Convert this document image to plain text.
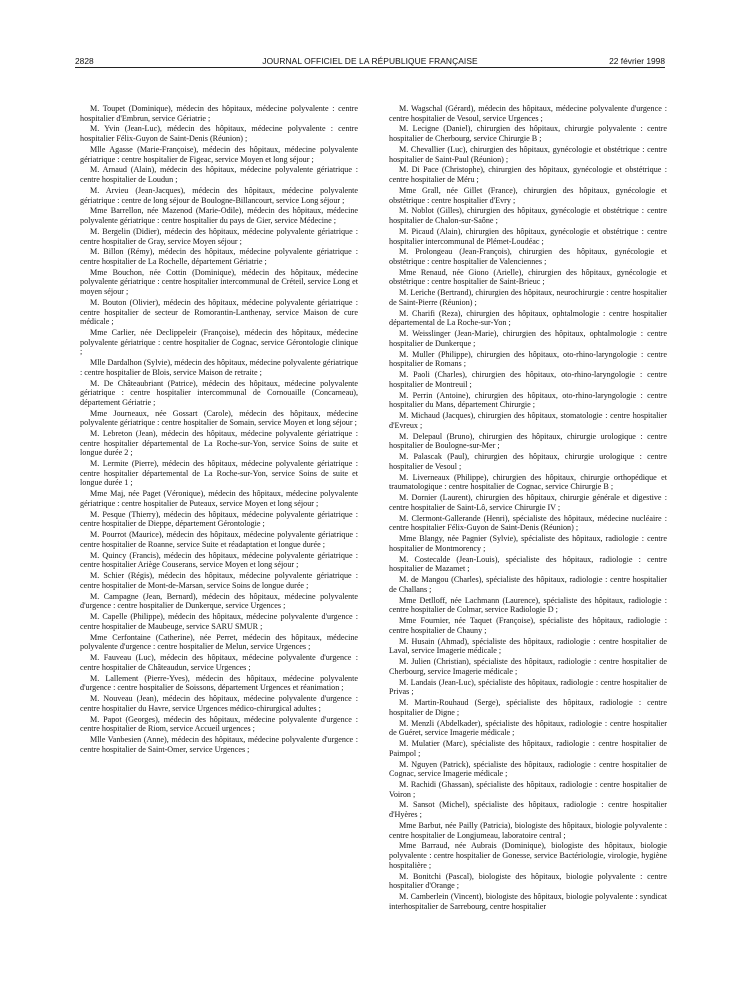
2828	JOURNAL OFFICIEL DE LA RÉPUBLIQUE FRANÇAISE	22 février 1998

M. Toupet (Dominique), médecin des hôpitaux, médecine polyvalente : centre hospitalier d'Embrun, service Gériatrie ;

M. Yvin (Jean-Luc), médecin des hôpitaux, médecine polyvalente : centre hospitalier Félix-Guyon de Saint-Denis (Réunion) ;

Mlle Agasse (Marie-Françoise), médecin des hôpitaux, médecine polyvalente gériatrique : centre hospitalier de Figeac, service Moyen et long séjour ;

M. Arnaud (Alain), médecin des hôpitaux, médecine polyvalente gériatrique : centre hospitalier de Loudun ;

M. Arvieu (Jean-Jacques), médecin des hôpitaux, médecine polyvalente gériatrique : centre de long séjour de Boulogne-Billancourt, service Long séjour ;

Mme Barrellon, née Mazenod (Marie-Odile), médecin des hôpitaux, médecine polyvalente gériatrique : centre hospitalier du pays de Gier, service Médecine ;

M. Bergelin (Didier), médecin des hôpitaux, médecine polyvalente gériatrique : centre hospitalier de Gray, service Moyen séjour ;

M. Billon (Rémy), médecin des hôpitaux, médecine polyvalente gériatrique : centre hospitalier de La Rochelle, département Gériatrie ;

Mme Bouchon, née Cottin (Dominique), médecin des hôpitaux, médecine polyvalente gériatrique : centre hospitalier intercommunal de Créteil, service Long et moyen séjour ;

M. Bouton (Olivier), médecin des hôpitaux, médecine polyvalente gériatrique : centre hospitalier de secteur de Romorantin-Lanthenay, service Maison de cure médicale ;

Mme Carlier, née Declippeleir (Françoise), médecin des hôpitaux, médecine polyvalente gériatrique : centre hospitalier de Cognac, service Gérontologie clinique ;

Mlle Dardalhon (Sylvie), médecin des hôpitaux, médecine polyvalente gériatrique : centre hospitalier de Blois, service Maison de retraite ;

M. De Châteaubriant (Patrice), médecin des hôpitaux, médecine polyvalente gériatrique : centre hospitalier intercommunal de Cornouaille (Concarneau), département Gériatrie ;

Mme Journeaux, née Gossart (Carole), médecin des hôpitaux, médecine polyvalente gériatrique : centre hospitalier de Somain, service Moyen et long séjour ;

M. Lebreton (Jean), médecin des hôpitaux, médecine polyvalente gériatrique : centre hospitalier départemental de La Roche-sur-Yon, service Soins de suite et longue durée 2 ;

M. Lermite (Pierre), médecin des hôpitaux, médecine polyvalente gériatrique : centre hospitalier départemental de La Roche-sur-Yon, service Soins de suite et longue durée 1 ;

Mme Maj, née Paget (Véronique), médecin des hôpitaux, médecine polyvalente gériatrique : centre hospitalier de Puteaux, service Moyen et long séjour ;

M. Pesque (Thierry), médecin des hôpitaux, médecine polyvalente gériatrique : centre hospitalier de Dieppe, département Gérontologie ;

M. Pourrot (Maurice), médecin des hôpitaux, médecine polyvalente gériatrique : centre hospitalier de Roanne, service Suite et réadaptation et longue durée ;

M. Quincy (Francis), médecin des hôpitaux, médecine polyvalente gériatrique : centre hospitalier Ariège Couserans, service Moyen et long séjour ;

M. Schier (Régis), médecin des hôpitaux, médecine polyvalente gériatrique : centre hospitalier de Mont-de-Marsan, service Soins de longue durée ;

M. Campagne (Jean, Bernard), médecin des hôpitaux, médecine polyvalente d'urgence : centre hospitalier de Dunkerque, service Urgences ;

M. Capelle (Philippe), médecin des hôpitaux, médecine polyvalente d'urgence : centre hospitalier de Maubeuge, service SARU SMUR ;

Mme Cerfontaine (Catherine), née Perret, médecin des hôpitaux, médecine polyvalente d'urgence : centre hospitalier de Melun, service Urgences ;

M. Fauveau (Luc), médecin des hôpitaux, médecine polyvalente d'urgence : centre hospitalier de Châteaudun, service Urgences ;

M. Lallement (Pierre-Yves), médecin des hôpitaux, médecine polyvalente d'urgence : centre hospitalier de Soissons, département Urgences et réanimation ;

M. Nouveau (Jean), médecin des hôpitaux, médecine polyvalente d'urgence : centre hospitalier du Havre, service Urgences médico-chirurgical adultes ;

M. Papot (Georges), médecin des hôpitaux, médecine polyvalente d'urgence : centre hospitalier de Riom, service Accueil urgences ;

Mlle Vanbesien (Anne), médecin des hôpitaux, médecine polyvalente d'urgence : centre hospitalier de Saint-Omer, service Urgences ;

M. Wagschal (Gérard), médecin des hôpitaux, médecine polyvalente d'urgence : centre hospitalier de Vesoul, service Urgences ;

M. Lecigne (Daniel), chirurgien des hôpitaux, chirurgie polyvalente : centre hospitalier de Cherbourg, service Chirurgie B ;

M. Chevallier (Luc), chirurgien des hôpitaux, gynécologie et obstétrique : centre hospitalier de Saint-Paul (Réunion) ;

M. Di Pace (Christophe), chirurgien des hôpitaux, gynécologie et obstétrique : centre hospitalier de Méru ;

Mme Grall, née Gillet (France), chirurgien des hôpitaux, gynécologie et obstétrique : centre hospitalier d'Evry ;

M. Noblot (Gilles), chirurgien des hôpitaux, gynécologie et obstétrique : centre hospitalier de Chalon-sur-Saône ;

M. Picaud (Alain), chirurgien des hôpitaux, gynécologie et obstétrique : centre hospitalier intercommunal de Plémet-Loudéac ;

M. Prolongeau (Jean-François), chirurgien des hôpitaux, gynécologie et obstétrique : centre hospitalier de Valenciennes ;

Mme Renaud, née Giono (Arielle), chirurgien des hôpitaux, gynécologie et obstétrique : centre hospitalier de Saint-Brieuc ;

M. Leriche (Bertrand), chirurgien des hôpitaux, neurochirurgie : centre hospitalier de Saint-Pierre (Réunion) ;

M. Charifi (Reza), chirurgien des hôpitaux, ophtalmologie : centre hospitalier départemental de La Roche-sur-Yon ;

M. Weisslinger (Jean-Marie), chirurgien des hôpitaux, ophtalmologie : centre hospitalier de Dunkerque ;

M. Muller (Philippe), chirurgien des hôpitaux, oto-rhino-laryngologie : centre hospitalier de Romans ;

M. Paoli (Charles), chirurgien des hôpitaux, oto-rhino-laryngologie : centre hospitalier de Montreuil ;

M. Perrin (Antoine), chirurgien des hôpitaux, oto-rhino-laryngologie : centre hospitalier du Mans, département Chirurgie ;

M. Michaud (Jacques), chirurgien des hôpitaux, stomatologie : centre hospitalier d'Evreux ;

M. Delepaul (Bruno), chirurgien des hôpitaux, chirurgie urologique : centre hospitalier de Boulogne-sur-Mer ;

M. Palascak (Paul), chirurgien des hôpitaux, chirurgie urologique : centre hospitalier de Vesoul ;

M. Liverneaux (Philippe), chirurgien des hôpitaux, chirurgie orthopédique et traumatologique : centre hospitalier de Cognac, service Chirurgie B ;

M. Dornier (Laurent), chirurgien des hôpitaux, chirurgie générale et digestive : centre hospitalier de Saint-Lô, service Chirurgie IV ;

M. Clermont-Gallerande (Henri), spécialiste des hôpitaux, médecine nucléaire : centre hospitalier Félix-Guyon de Saint-Denis (Réunion) ;

Mme Blangy, née Pagnier (Sylvie), spécialiste des hôpitaux, radiologie : centre hospitalier de Montmorency ;

M. Costecalde (Jean-Louis), spécialiste des hôpitaux, radiologie : centre hospitalier de Mazamet ;

M. de Mangou (Charles), spécialiste des hôpitaux, radiologie : centre hospitalier de Challans ;

Mme Detlloff, née Lachmann (Laurence), spécialiste des hôpitaux, radiologie : centre hospitalier de Colmar, service Radiologie D ;

Mme Fournier, née Taquet (Françoise), spécialiste des hôpitaux, radiologie : centre hospitalier de Chauny ;

M. Husain (Ahmad), spécialiste des hôpitaux, radiologie : centre hospitalier de Laval, service Imagerie médicale ;

M. Julien (Christian), spécialiste des hôpitaux, radiologie : centre hospitalier de Cherbourg, service Imagerie médicale ;

M. Landais (Jean-Luc), spécialiste des hôpitaux, radiologie : centre hospitalier de Privas ;

M. Martin-Rouhaud (Serge), spécialiste des hôpitaux, radiologie : centre hospitalier de Digne ;

M. Menzli (Abdelkader), spécialiste des hôpitaux, radiologie : centre hospitalier de Guéret, service Imagerie médicale ;

M. Mulatier (Marc), spécialiste des hôpitaux, radiologie : centre hospitalier de Paimpol ;

M. Nguyen (Patrick), spécialiste des hôpitaux, radiologie : centre hospitalier de Cognac, service Imagerie médicale ;

M. Rachidi (Ghassan), spécialiste des hôpitaux, radiologie : centre hospitalier de Voiron ;

M. Sansot (Michel), spécialiste des hôpitaux, radiologie : centre hospitalier d'Hyères ;

Mme Barbut, née Pailly (Patricia), biologiste des hôpitaux, biologie polyvalente : centre hospitalier de Longjumeau, laboratoire central ;

Mme Barraud, née Aubrais (Dominique), biologiste des hôpitaux, biologie polyvalente : centre hospitalier de Gonesse, service Bactériologie, virologie, hygiène hospitalière ;

M. Bonitchi (Pascal), biologiste des hôpitaux, biologie polyvalente : centre hospitalier d'Orange ;

M. Camberlein (Vincent), biologiste des hôpitaux, biologie polyvalente : syndicat interhospitalier de Sarrebourg, centre hospitalier
